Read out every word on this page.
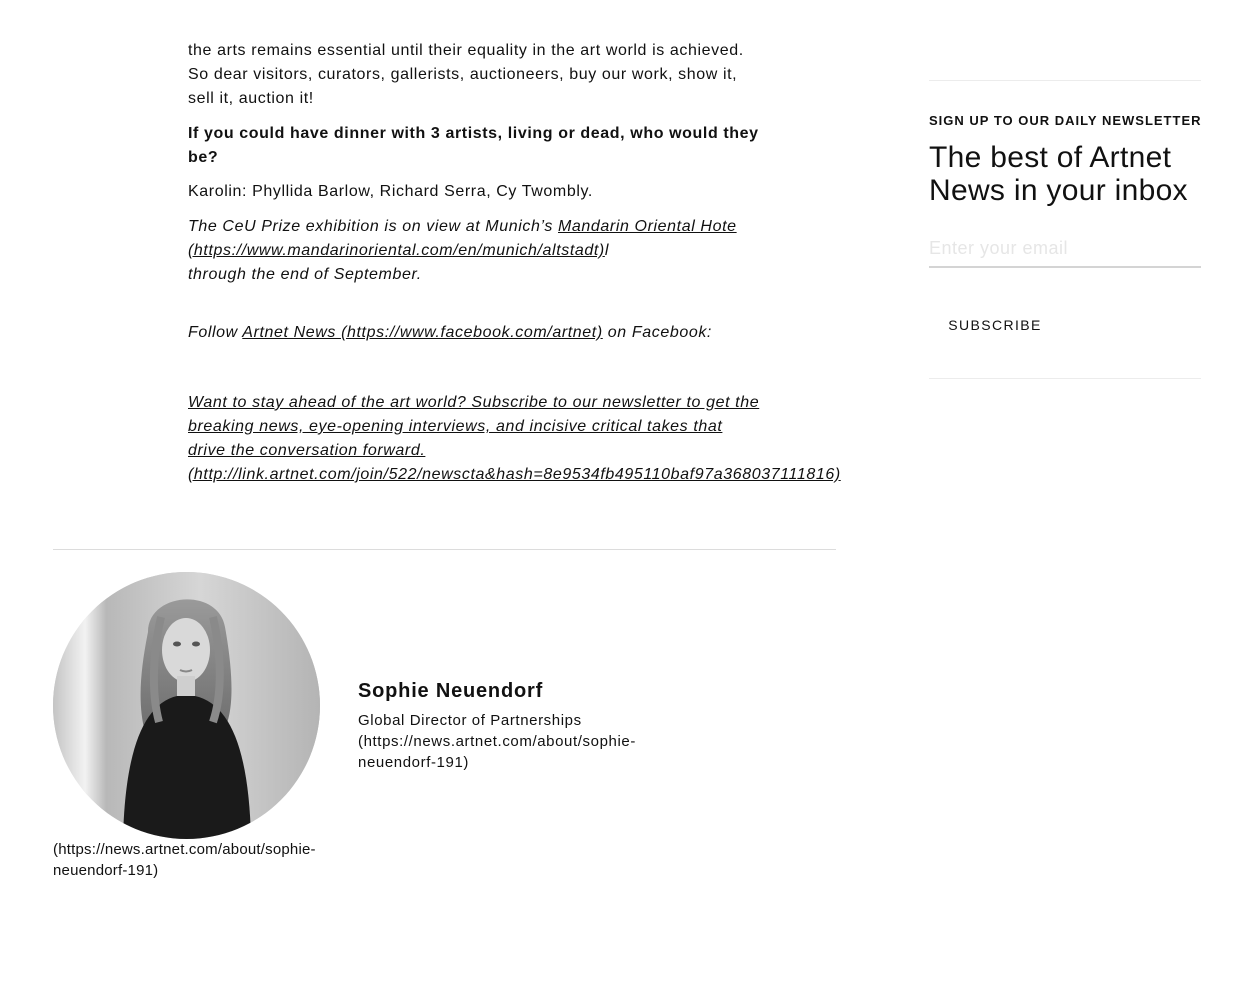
the arts remains essential until their equality in the art world is achieved. So dear visitors, curators, gallerists, auctioneers, buy our work, show it, sell it, auction it!

If you could have dinner with 3 artists, living or dead, who would they be?

Karolin: Phyllida Barlow, Richard Serra, Cy Twombly.

The CeU Prize exhibition is on view at Munich’s Mandarin Oriental Hote (https://www.mandarinoriental.com/en/munich/altstadt)l
through the end of September.

Follow Artnet News (https://www.facebook.com/artnet) on Facebook:

Want to stay ahead of the art world? Subscribe to our newsletter to get the breaking news, eye-opening interviews, and incisive critical takes that drive the conversation forward.
(http://link.artnet.com/join/522/newscta&hash=8e9534fb495110baf97a368037111816)

(https://news.artnet.com/about/sophie-neuendorf-191)
Sophie Neuendorf
Global Director of Partnerships
(https://news.artnet.com/about/sophie-neuendorf-191)
SIGN UP TO OUR DAILY NEWSLETTER
The best of Artnet News in your inbox
Enter your email
SUBSCRIBE
